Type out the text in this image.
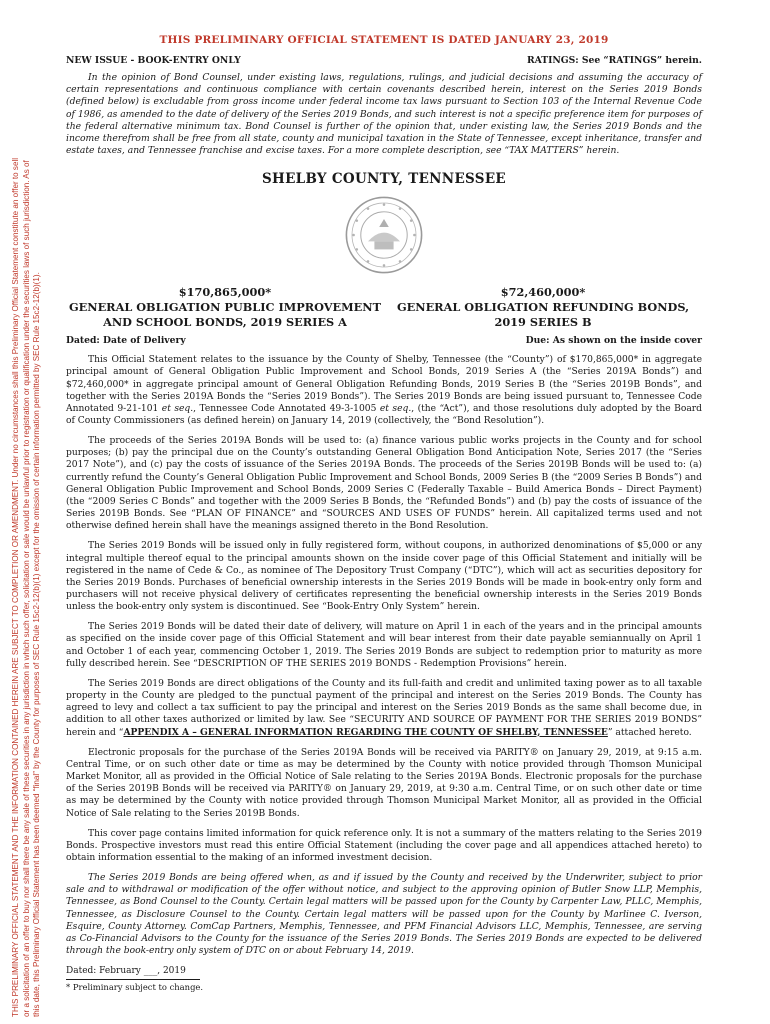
THIS PRELIMINARY OFFICIAL STATEMENT AND THE INFORMATION CONTAINED HEREIN ARE SUBJECT TO COMPLETION OR AMENDMENT. Under no circumstances shall this Preliminary Official Statement constitute an offer to sell or a solicitation of an offer to buy nor shall there be any sale of these securities in any jurisdiction in which such offer, solicitation or sale would be unlawful prior to registration or qualification under the securities laws of such jurisdiction. As of this date, this Preliminary Official Statement has been deemed “final” by the County for purposes of SEC Rule 15c2-12(b)(1) except for the omission of certain information permitted by SEC Rule 15c2-12(b)(1).

THIS PRELIMINARY OFFICIAL STATEMENT IS DATED JANUARY 23, 2019

NEW ISSUE - BOOK-ENTRY ONLY	RATINGS: See “RATINGS” herein.

In the opinion of Bond Counsel, under existing laws, regulations, rulings, and judicial decisions and assuming the accuracy of certain representations and continuous compliance with certain covenants described herein, interest on the Series 2019 Bonds (defined below) is excludable from gross income under federal income tax laws pursuant to Section 103 of the Internal Revenue Code of 1986, as amended to the date of delivery of the Series 2019 Bonds, and such interest is not a specific preference item for purposes of the federal alternative minimum tax. Bond Counsel is further of the opinion that, under existing law, the Series 2019 Bonds and the income therefrom shall be free from all state, county and municipal taxation in the State of Tennessee, except inheritance, transfer and estate taxes, and Tennessee franchise and excise taxes. For a more complete description, see “TAX MATTERS” herein.

SHELBY COUNTY, TENNESSEE
$170,865,000*
GENERAL OBLIGATION PUBLIC IMPROVEMENT
AND SCHOOL BONDS, 2019 SERIES A
$72,460,000*
GENERAL OBLIGATION REFUNDING BONDS,
2019 SERIES B
Dated: Date of Delivery	Due: As shown on the inside cover

This Official Statement relates to the issuance by the County of Shelby, Tennessee (the “County”) of $170,865,000* in aggregate principal amount of General Obligation Public Improvement and School Bonds, 2019 Series A (the “Series 2019A Bonds”) and $72,460,000* in aggregate principal amount of General Obligation Refunding Bonds, 2019 Series B (the “Series 2019B Bonds”, and together with the Series 2019A Bonds the “Series 2019 Bonds”). The Series 2019 Bonds are being issued pursuant to, Tennessee Code Annotated 9-21-101 et seq., Tennessee Code Annotated 49-3-1005 et seq., (the “Act”), and those resolutions duly adopted by the Board of County Commissioners (as defined herein) on January 14, 2019 (collectively, the “Bond Resolution”).

The proceeds of the Series 2019A Bonds will be used to: (a) finance various public works projects in the County and for school purposes; (b) pay the principal due on the County’s outstanding General Obligation Bond Anticipation Note, Series 2017 (the “Series 2017 Note”), and (c) pay the costs of issuance of the Series 2019A Bonds. The proceeds of the Series 2019B Bonds will be used to: (a) currently refund the County’s General Obligation Public Improvement and School Bonds, 2009 Series B (the “2009 Series B Bonds”) and General Obligation Public Improvement and School Bonds, 2009 Series C (Federally Taxable – Build America Bonds – Direct Payment) (the “2009 Series C Bonds” and together with the 2009 Series B Bonds, the “Refunded Bonds”) and (b) pay the costs of issuance of the Series 2019B Bonds. See “PLAN OF FINANCE” and “SOURCES AND USES OF FUNDS” herein. All capitalized terms used and not otherwise defined herein shall have the meanings assigned thereto in the Bond Resolution.

The Series 2019 Bonds will be issued only in fully registered form, without coupons, in authorized denominations of $5,000 or any integral multiple thereof equal to the principal amounts shown on the inside cover page of this Official Statement and initially will be registered in the name of Cede & Co., as nominee of The Depository Trust Company (“DTC”), which will act as securities depository for the Series 2019 Bonds. Purchases of beneficial ownership interests in the Series 2019 Bonds will be made in book-entry only form and purchasers will not receive physical delivery of certificates representing the beneficial ownership interests in the Series 2019 Bonds unless the book-entry only system is discontinued. See “Book-Entry Only System” herein.

The Series 2019 Bonds will be dated their date of delivery, will mature on April 1 in each of the years and in the principal amounts as specified on the inside cover page of this Official Statement and will bear interest from their date payable semiannually on April 1 and October 1 of each year, commencing October 1, 2019. The Series 2019 Bonds are subject to redemption prior to maturity as more fully described herein. See “DESCRIPTION OF THE SERIES 2019 BONDS - Redemption Provisions” herein.

The Series 2019 Bonds are direct obligations of the County and its full-faith and credit and unlimited taxing power as to all taxable property in the County are pledged to the punctual payment of the principal and interest on the Series 2019 Bonds. The County has agreed to levy and collect a tax sufficient to pay the principal and interest on the Series 2019 Bonds as the same shall become due, in addition to all other taxes authorized or limited by law. See “SECURITY AND SOURCE OF PAYMENT FOR THE SERIES 2019 BONDS” herein and “APPENDIX A – GENERAL INFORMATION REGARDING THE COUNTY OF SHELBY, TENNESSEE” attached hereto.

Electronic proposals for the purchase of the Series 2019A Bonds will be received via PARITY® on January 29, 2019, at 9:15 a.m. Central Time, or on such other date or time as may be determined by the County with notice provided through Thomson Municipal Market Monitor, all as provided in the Official Notice of Sale relating to the Series 2019A Bonds. Electronic proposals for the purchase of the Series 2019B Bonds will be received via PARITY® on January 29, 2019, at 9:30 a.m. Central Time, or on such other date or time as may be determined by the County with notice provided through Thomson Municipal Market Monitor, all as provided in the Official Notice of Sale relating to the Series 2019B Bonds.

This cover page contains limited information for quick reference only. It is not a summary of the matters relating to the Series 2019 Bonds. Prospective investors must read this entire Official Statement (including the cover page and all appendices attached hereto) to obtain information essential to the making of an informed investment decision.

The Series 2019 Bonds are being offered when, as and if issued by the County and received by the Underwriter, subject to prior sale and to withdrawal or modification of the offer without notice, and subject to the approving opinion of Butler Snow LLP, Memphis, Tennessee, as Bond Counsel to the County. Certain legal matters will be passed upon for the County by Carpenter Law, PLLC, Memphis, Tennessee, as Disclosure Counsel to the County. Certain legal matters will be passed upon for the County by Marlinee C. Iverson, Esquire, County Attorney. ComCap Partners, Memphis, Tennessee, and PFM Financial Advisors LLC, Memphis, Tennessee, are serving as Co-Financial Advisors to the County for the issuance of the Series 2019 Bonds. The Series 2019 Bonds are expected to be delivered through the book-entry only system of DTC on or about February 14, 2019.

Dated: February ___, 2019
* Preliminary subject to change.
